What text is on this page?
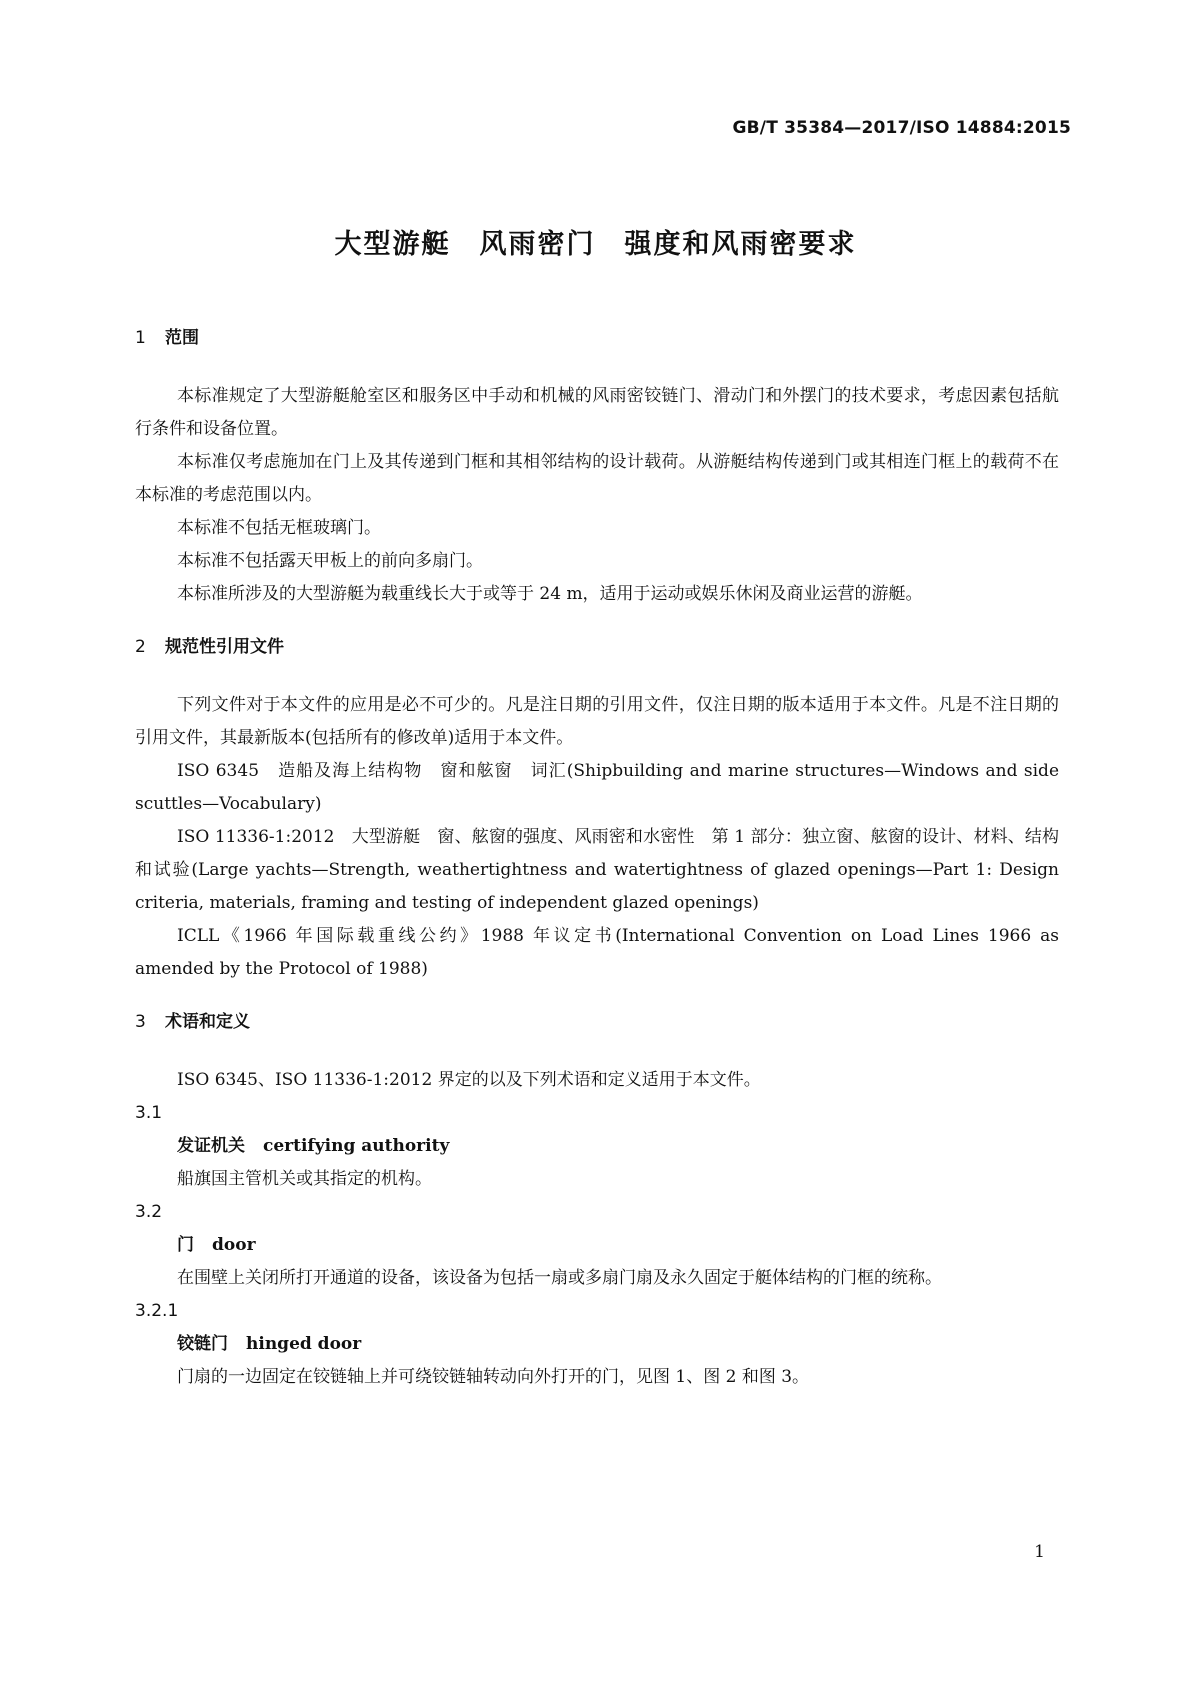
GB/T 35384—2017/ISO 14884:2015
大型游艇　风雨密门　强度和风雨密要求
1 范围

本标准规定了大型游艇舱室区和服务区中手动和机械的风雨密铰链门、滑动门和外摆门的技术要求，考虑因素包括航行条件和设备位置。

本标准仅考虑施加在门上及其传递到门框和其相邻结构的设计载荷。从游艇结构传递到门或其相连门框上的载荷不在本标准的考虑范围以内。

本标准不包括无框玻璃门。

本标准不包括露天甲板上的前向多扇门。

本标准所涉及的大型游艇为载重线长大于或等于 24 m，适用于运动或娱乐休闲及商业运营的游艇。

2 规范性引用文件

下列文件对于本文件的应用是必不可少的。凡是注日期的引用文件，仅注日期的版本适用于本文件。凡是不注日期的引用文件，其最新版本(包括所有的修改单)适用于本文件。

ISO 6345　造船及海上结构物　窗和舷窗　词汇(Shipbuilding and marine structures—Windows and side scuttles—Vocabulary)

ISO 11336-1:2012　大型游艇　窗、舷窗的强度、风雨密和水密性　第 1 部分：独立窗、舷窗的设计、材料、结构和试验(Large yachts—Strength, weathertightness and watertightness of glazed openings—Part 1: Design criteria, materials, framing and testing of independent glazed openings)

ICLL《1966 年国际载重线公约》1988 年议定书(International Convention on Load Lines 1966 as amended by the Protocol of 1988)

3 术语和定义

ISO 6345、ISO 11336-1:2012 界定的以及下列术语和定义适用于本文件。

3.1

发证机关 certifying authority

船旗国主管机关或其指定的机构。

3.2

门 door

在围壁上关闭所打开通道的设备，该设备为包括一扇或多扇门扇及永久固定于艇体结构的门框的统称。

3.2.1

铰链门 hinged door

门扇的一边固定在铰链轴上并可绕铰链轴转动向外打开的门，见图 1、图 2 和图 3。

1
